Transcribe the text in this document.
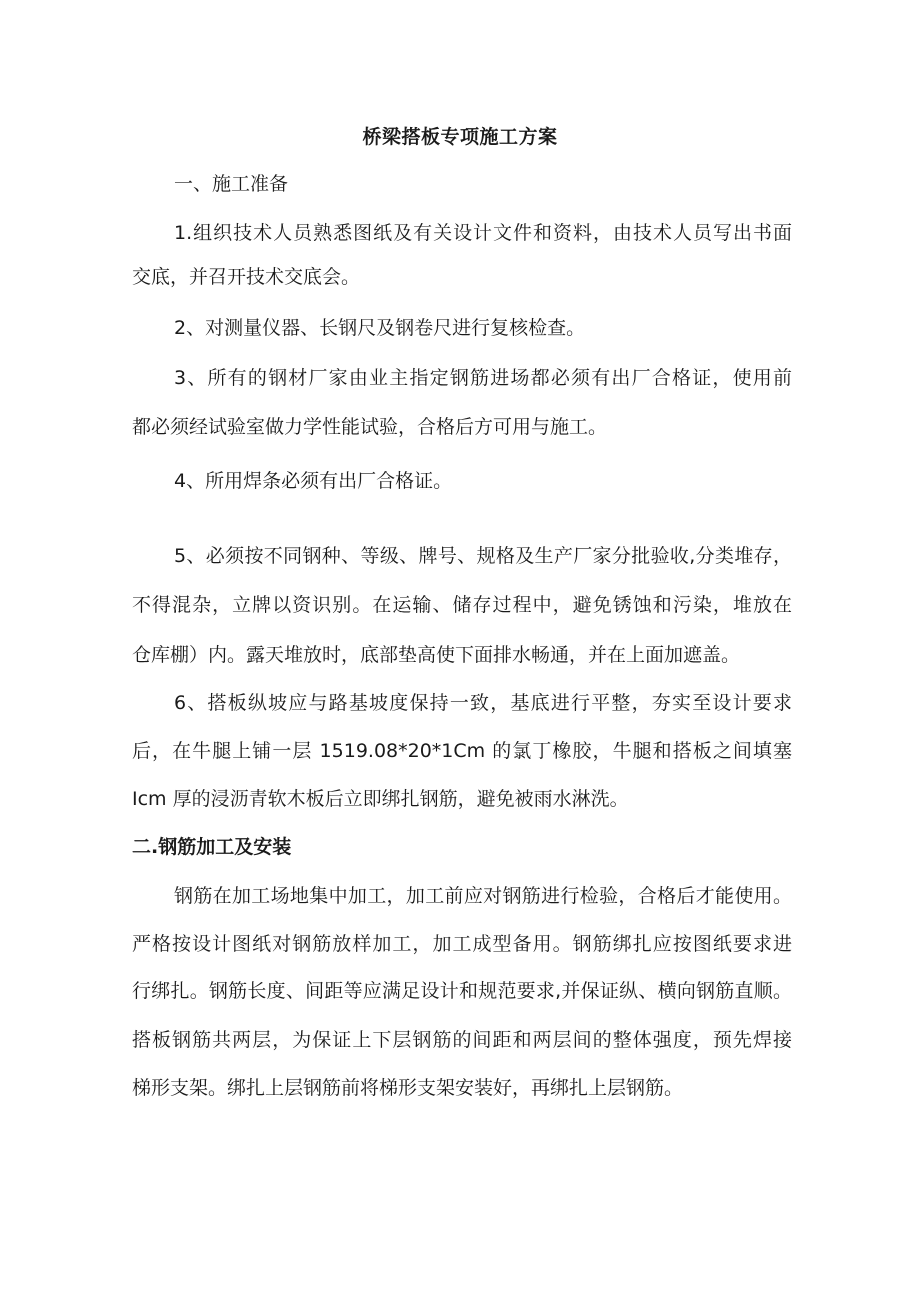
桥梁搭板专项施工方案
一、施工准备
1.组织技术人员熟悉图纸及有关设计文件和资料，由技术人员写出书面
交底，并召开技术交底会。
2、对测量仪器、长钢尺及钢卷尺进行复核检查。
3、所有的钢材厂家由业主指定钢筋进场都必须有出厂合格证，使用前
都必须经试验室做力学性能试验，合格后方可用与施工。
4、所用焊条必须有出厂合格证。
5、必须按不同钢种、等级、牌号、规格及生产厂家分批验收,分类堆存，
不得混杂，立牌以资识别。在运输、储存过程中，避免锈蚀和污染，堆放在
仓库棚）内。露天堆放时，底部垫高使下面排水畅通，并在上面加遮盖。
6、搭板纵坡应与路基坡度保持一致，基底进行平整，夯实至设计要求
后，在牛腿上铺一层 1519.08*20*1Cm 的氯丁橡胶，牛腿和搭板之间填塞
Icm 厚的浸沥青软木板后立即绑扎钢筋，避免被雨水淋洗。
二.钢筋加工及安装
钢筋在加工场地集中加工，加工前应对钢筋进行检验，合格后才能使用。
严格按设计图纸对钢筋放样加工，加工成型备用。钢筋绑扎应按图纸要求进
行绑扎。钢筋长度、间距等应满足设计和规范要求,并保证纵、横向钢筋直顺。
搭板钢筋共两层，为保证上下层钢筋的间距和两层间的整体强度，预先焊接
梯形支架。绑扎上层钢筋前将梯形支架安装好，再绑扎上层钢筋。
